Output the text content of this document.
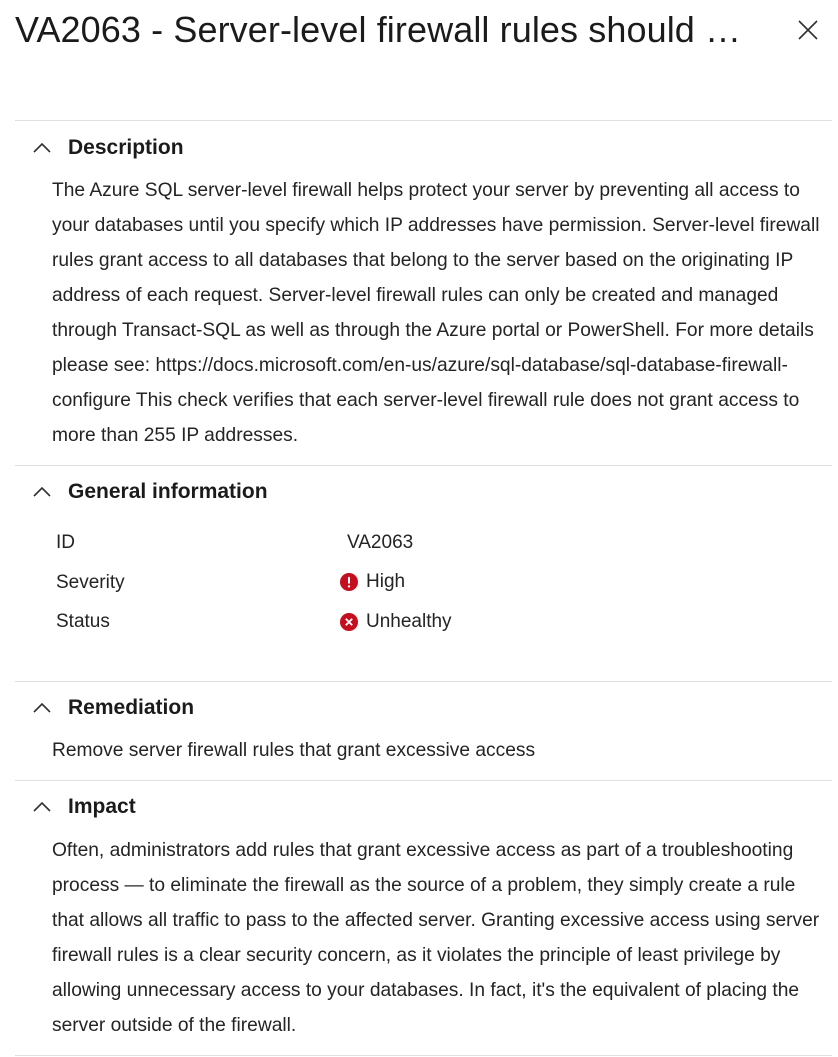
VA2063 - Server-level firewall rules should …
Description
The Azure SQL server-level firewall helps protect your server by preventing all access to your databases until you specify which IP addresses have permission. Server-level firewall rules grant access to all databases that belong to the server based on the originating IP address of each request. Server-level firewall rules can only be created and managed through Transact-SQL as well as through the Azure portal or PowerShell. For more details please see: https://docs.microsoft.com/en-us/azure/sql-database/sql-database-firewall-configure This check verifies that each server-level firewall rule does not grant access to more than 255 IP addresses.
General information
ID	VA2063
Severity	High
Status	Unhealthy
Remediation
Remove server firewall rules that grant excessive access
Impact
Often, administrators add rules that grant excessive access as part of a troubleshooting process — to eliminate the firewall as the source of a problem, they simply create a rule that allows all traffic to pass to the affected server. Granting excessive access using server firewall rules is a clear security concern, as it violates the principle of least privilege by allowing unnecessary access to your databases. In fact, it's the equivalent of placing the server outside of the firewall.
